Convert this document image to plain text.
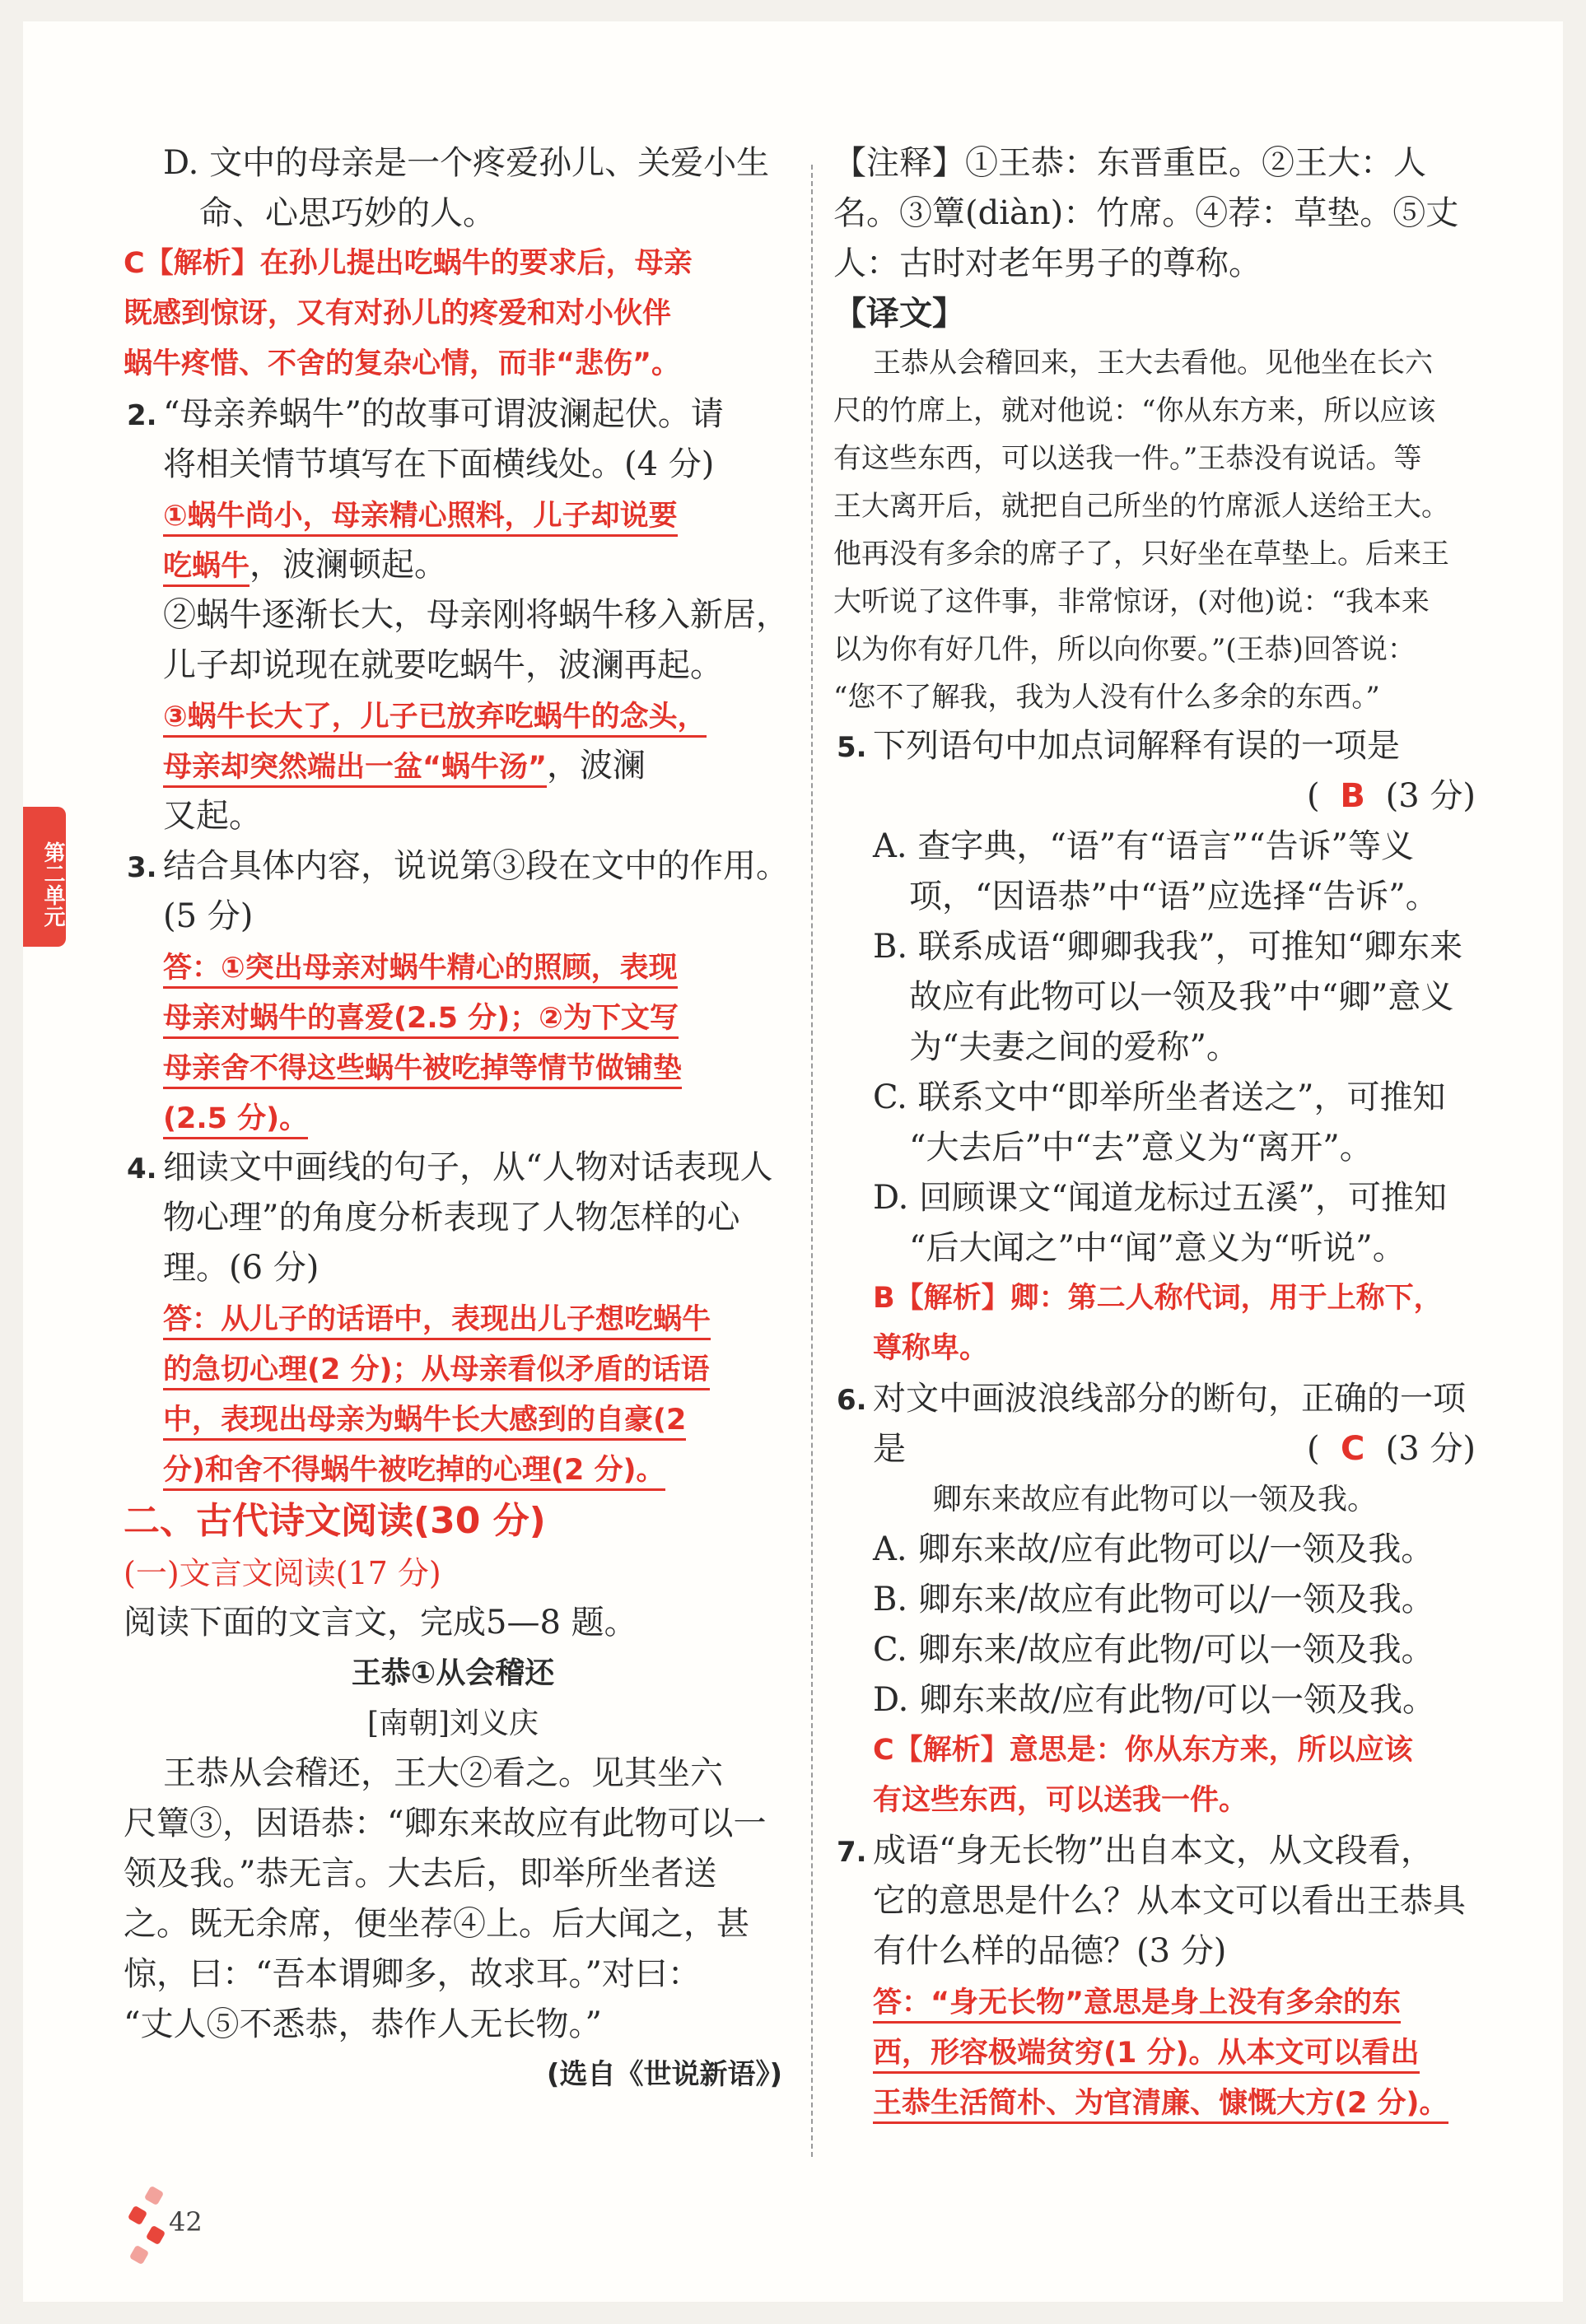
第二单元
D. 文中的母亲是一个疼爱孙儿、关爱小生
命、心思巧妙的人。
C【解析】在孙儿提出吃蜗牛的要求后，母亲
既感到惊讶，又有对孙儿的疼爱和对小伙伴
蜗牛疼惜、不舍的复杂心情，而非“悲伤”。
2. “母亲养蜗牛”的故事可谓波澜起伏。请
将相关情节填写在下面横线处。(4 分)
①蜗牛尚小，母亲精心照料，儿子却说要
吃蜗牛，波澜顿起。
②蜗牛逐渐长大，母亲刚将蜗牛移入新居，
儿子却说现在就要吃蜗牛，波澜再起。
③蜗牛长大了，儿子已放弃吃蜗牛的念头，
母亲却突然端出一盆“蜗牛汤”，波澜
又起。
3. 结合具体内容，说说第③段在文中的作用。
(5 分)
答：①突出母亲对蜗牛精心的照顾，表现
母亲对蜗牛的喜爱(2.5 分)；②为下文写
母亲舍不得这些蜗牛被吃掉等情节做铺垫
(2.5 分)。
4. 细读文中画线的句子，从“人物对话表现人
物心理”的角度分析表现了人物怎样的心
理。(6 分)
答：从儿子的话语中，表现出儿子想吃蜗牛
的急切心理(2 分)；从母亲看似矛盾的话语
中，表现出母亲为蜗牛长大感到的自豪(2
分)和舍不得蜗牛被吃掉的心理(2 分)。
二、古代诗文阅读(30 分)
(一)文言文阅读(17 分)
阅读下面的文言文，完成5—8 题。
王恭①从会稽还
[南朝]刘义庆
王恭从会稽还，王大②看之。见其坐六
尺簟③，因语恭：“卿东来故应有此物可以一
领及我。”恭无言。大去后，即举所坐者送
之。既无余席，便坐荐④上。后大闻之，甚
惊，曰：“吾本谓卿多，故求耳。”对曰：
“丈人⑤不悉恭，恭作人无长物。”
(选自《世说新语》)
【注释】①王恭：东晋重臣。②王大：人
名。③簟(diàn)：竹席。④荐：草垫。⑤丈
人：古时对老年男子的尊称。
【译文】
王恭从会稽回来，王大去看他。见他坐在长六
尺的竹席上，就对他说：“你从东方来，所以应该
有这些东西，可以送我一件。”王恭没有说话。等
王大离开后，就把自己所坐的竹席派人送给王大。
他再没有多余的席子了，只好坐在草垫上。后来王
大听说了这件事，非常惊讶，(对他)说：“我本来
以为你有好几件，所以向你要。”(王恭)回答说：
“您不了解我，我为人没有什么多余的东西。”
5. 下列语句中加点词解释有误的一项是
( B (3 分)
A. 查字典，“语”有“语言”“告诉”等义
项，“因语恭”中“语”应选择“告诉”。
B. 联系成语“卿卿我我”，可推知“卿东来
故应有此物可以一领及我”中“卿”意义
为“夫妻之间的爱称”。
C. 联系文中“即举所坐者送之”，可推知
“大去后”中“去”意义为“离开”。
D. 回顾课文“闻道龙标过五溪”，可推知
“后大闻之”中“闻”意义为“听说”。
B【解析】卿：第二人称代词，用于上称下，
尊称卑。
6. 对文中画波浪线部分的断句，正确的一项
是	( C (3 分)
卿东来故应有此物可以一领及我。
A. 卿东来故/应有此物可以/一领及我。
B. 卿东来/故应有此物可以/一领及我。
C. 卿东来/故应有此物/可以一领及我。
D. 卿东来故/应有此物/可以一领及我。
C【解析】意思是：你从东方来，所以应该
有这些东西，可以送我一件。
7. 成语“身无长物”出自本文，从文段看，
它的意思是什么？从本文可以看出王恭具
有什么样的品德？(3 分)
答：“身无长物”意思是身上没有多余的东
西，形容极端贫穷(1 分)。从本文可以看出
王恭生活简朴、为官清廉、慷慨大方(2 分)。
42
